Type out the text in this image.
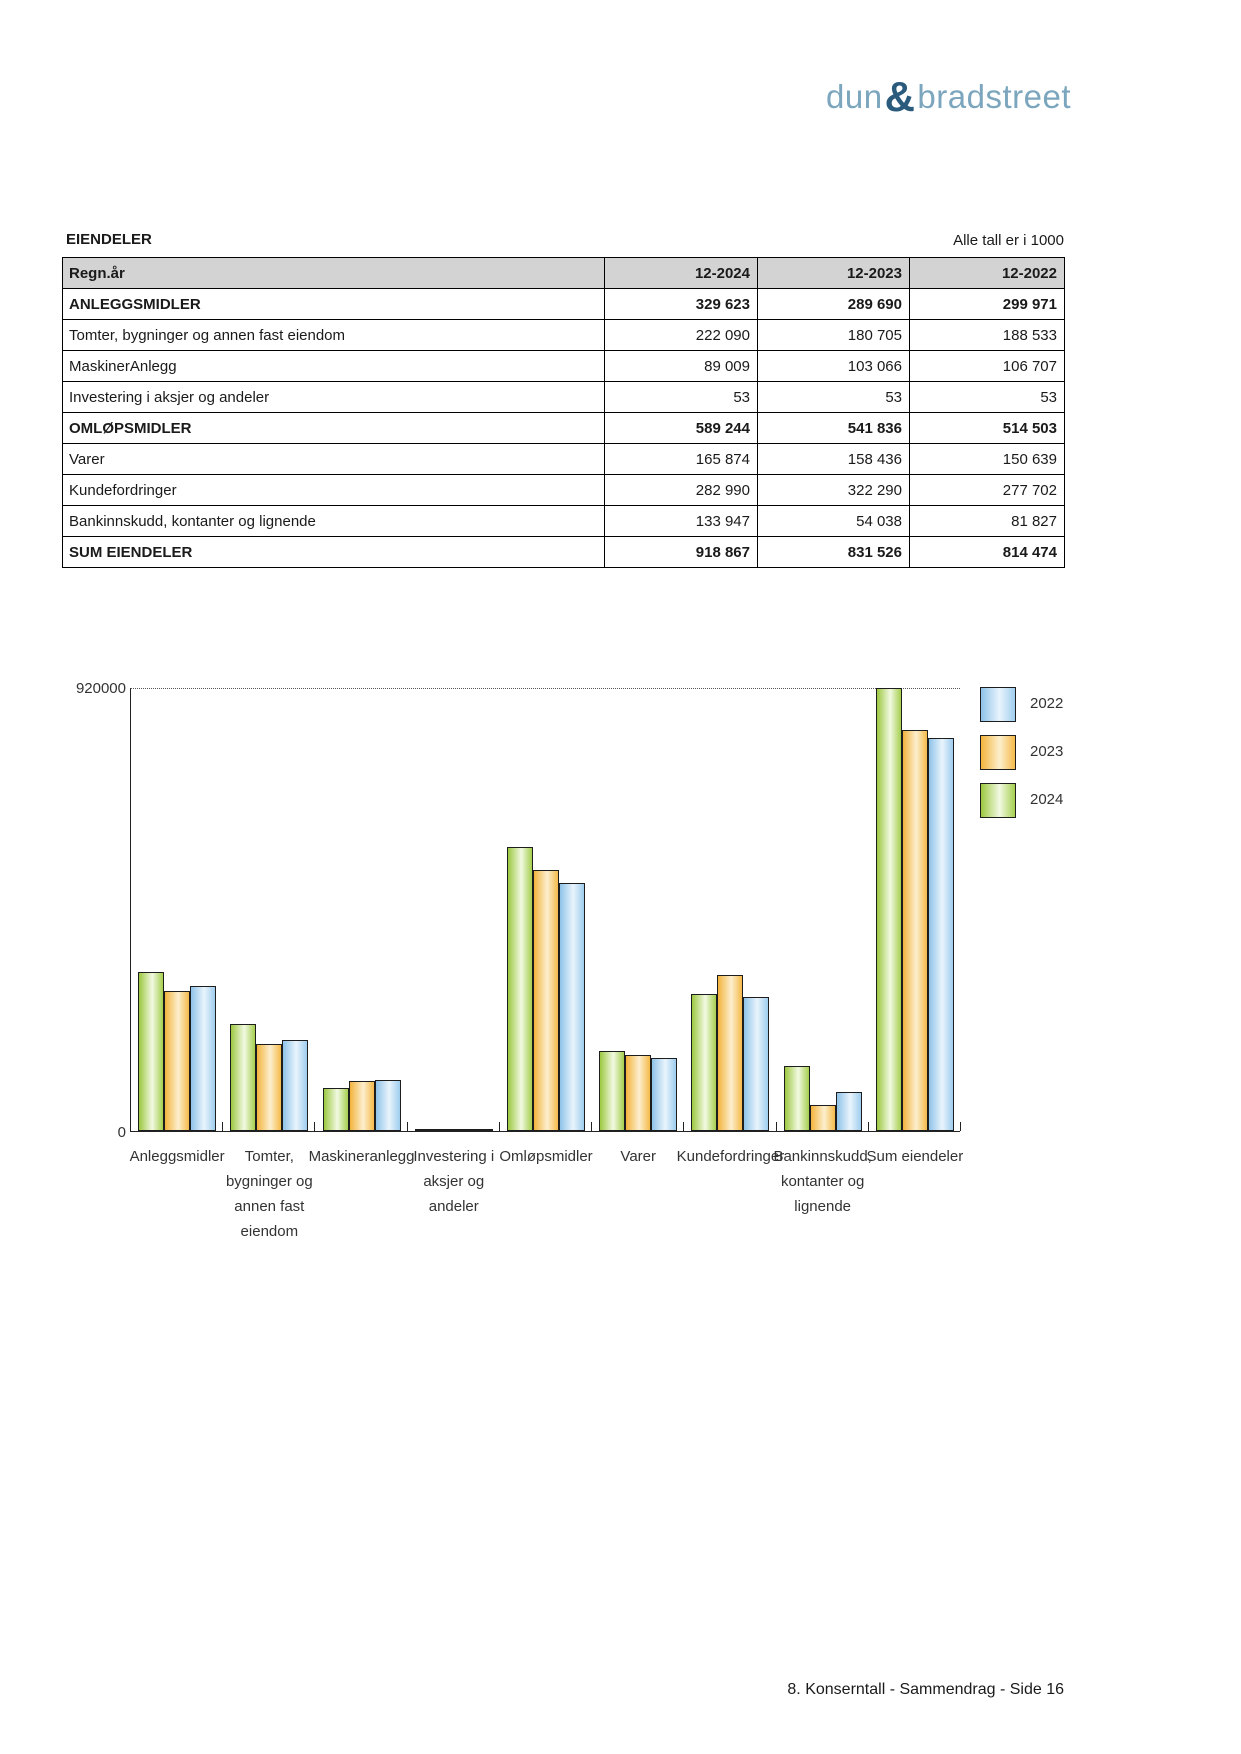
dun&bradstreet
EIENDELER	Alle tall er i 1000
Regn.år	12-2024	12-2023	12-2022
ANLEGGSMIDLER	329 623	289 690	299 971
Tomter, bygninger og annen fast eiendom	222 090	180 705	188 533
MaskinerAnlegg	89 009	103 066	106 707
Investering i aksjer og andeler	53	53	53
OMLØPSMIDLER	589 244	541 836	514 503
Varer	165 874	158 436	150 639
Kundefordringer	282 990	322 290	277 702
Bankinnskudd, kontanter og lignende	133 947	54 038	81 827
SUM EIENDELER	918 867	831 526	814 474
920000
0
Anleggsmidler	Tomter,
bygninger og
annen fast
eiendom
Maskineranlegg
Investering i
aksjer og
andeler
Omløpsmidler Varer Kundefordringer
Bankinnskudd,
kontanter og
lignende
Sum eiendeler
2022
2023
2024
8. Konserntall - Sammendrag - Side 16
